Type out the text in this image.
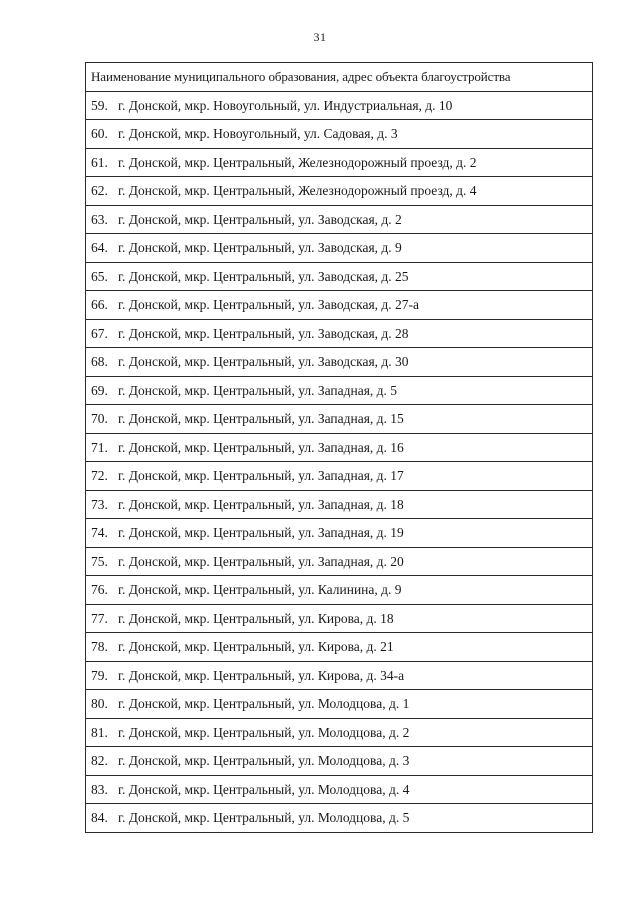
31
Наименование муниципального образования, адрес объекта благоустройства
59. г. Донской, мкр. Новоугольный, ул. Индустриальная, д. 10
60. г. Донской, мкр. Новоугольный, ул. Садовая, д. 3
61. г. Донской, мкр. Центральный, Железнодорожный проезд, д. 2
62. г. Донской, мкр. Центральный, Железнодорожный проезд, д. 4
63. г. Донской, мкр. Центральный, ул. Заводская, д. 2
64. г. Донской, мкр. Центральный, ул. Заводская, д. 9
65. г. Донской, мкр. Центральный, ул. Заводская, д. 25
66. г. Донской, мкр. Центральный, ул. Заводская, д. 27-а
67. г. Донской, мкр. Центральный, ул. Заводская, д. 28
68. г. Донской, мкр. Центральный, ул. Заводская, д. 30
69. г. Донской, мкр. Центральный, ул. Западная, д. 5
70. г. Донской, мкр. Центральный, ул. Западная, д. 15
71. г. Донской, мкр. Центральный, ул. Западная, д. 16
72. г. Донской, мкр. Центральный, ул. Западная, д. 17
73. г. Донской, мкр. Центральный, ул. Западная, д. 18
74. г. Донской, мкр. Центральный, ул. Западная, д. 19
75. г. Донской, мкр. Центральный, ул. Западная, д. 20
76. г. Донской, мкр. Центральный, ул. Калинина, д. 9
77. г. Донской, мкр. Центральный, ул. Кирова, д. 18
78. г. Донской, мкр. Центральный, ул. Кирова, д. 21
79. г. Донской, мкр. Центральный, ул. Кирова, д. 34-а
80. г. Донской, мкр. Центральный, ул. Молодцова, д. 1
81. г. Донской, мкр. Центральный, ул. Молодцова, д. 2
82. г. Донской, мкр. Центральный, ул. Молодцова, д. 3
83. г. Донской, мкр. Центральный, ул. Молодцова, д. 4
84. г. Донской, мкр. Центральный, ул. Молодцова, д. 5
